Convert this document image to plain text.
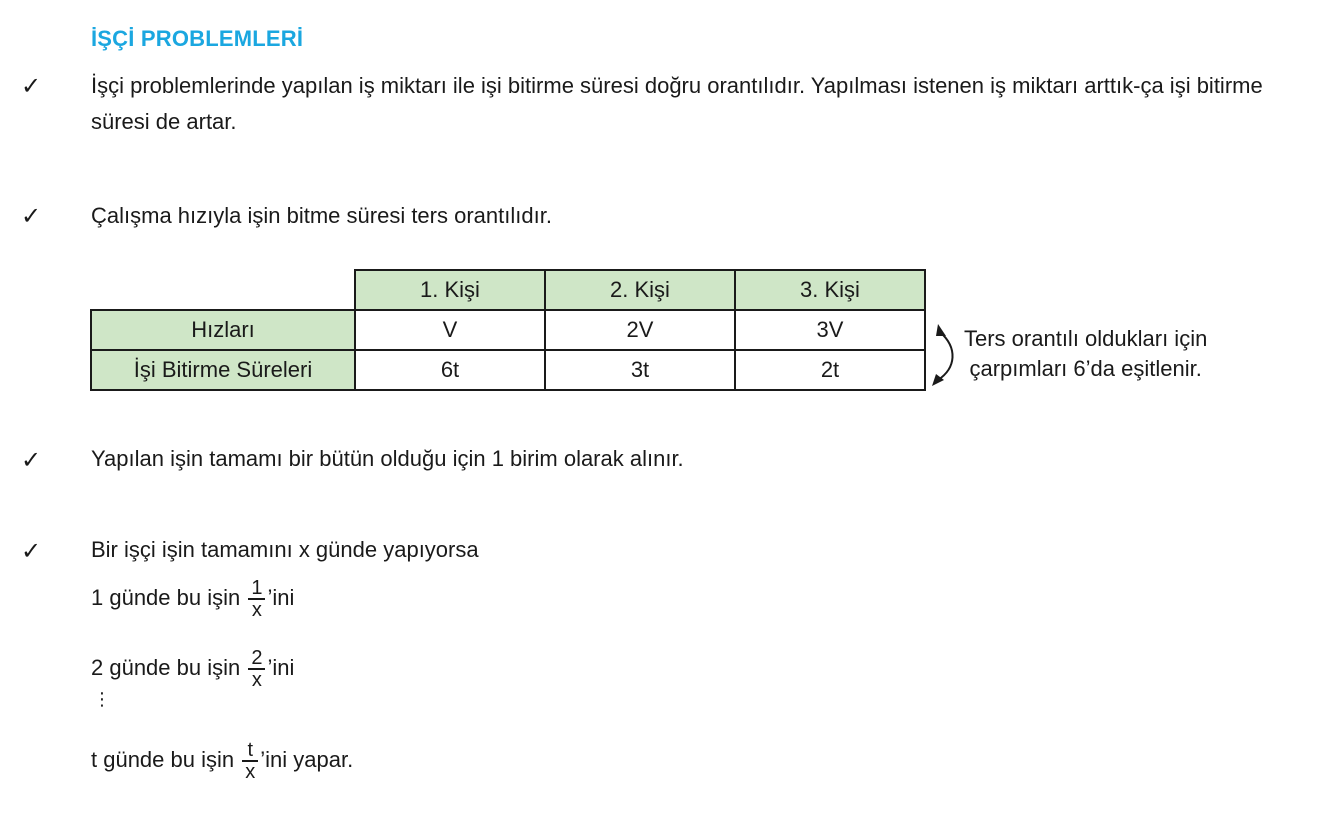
İŞÇİ PROBLEMLERİ
✓ İşçi problemlerinde yapılan iş miktarı ile işi bitirme süresi doğru orantılıdır. Yapılması istenen iş miktarı arttık-ça işi bitirme süresi de artar.
✓ Çalışma hızıyla işin bitme süresi ters orantılıdır.
	1. Kişi	2. Kişi	3. Kişi
Hızları	V	2V	3V
İşi Bitirme Süreleri	6t	3t	2t
Ters orantılı oldukları için
çarpımları 6’da eşitlenir.
✓ Yapılan işin tamamı bir bütün olduğu için 1 birim olarak alınır.
✓ Bir işçi işin tamamını x günde yapıyorsa
1 günde bu işin $\frac{1}{x}$ ’ini
2 günde bu işin $\frac{2}{x}$ ’ini
⋮
t günde bu işin $\frac{t}{x}$ ’ini yapar.
